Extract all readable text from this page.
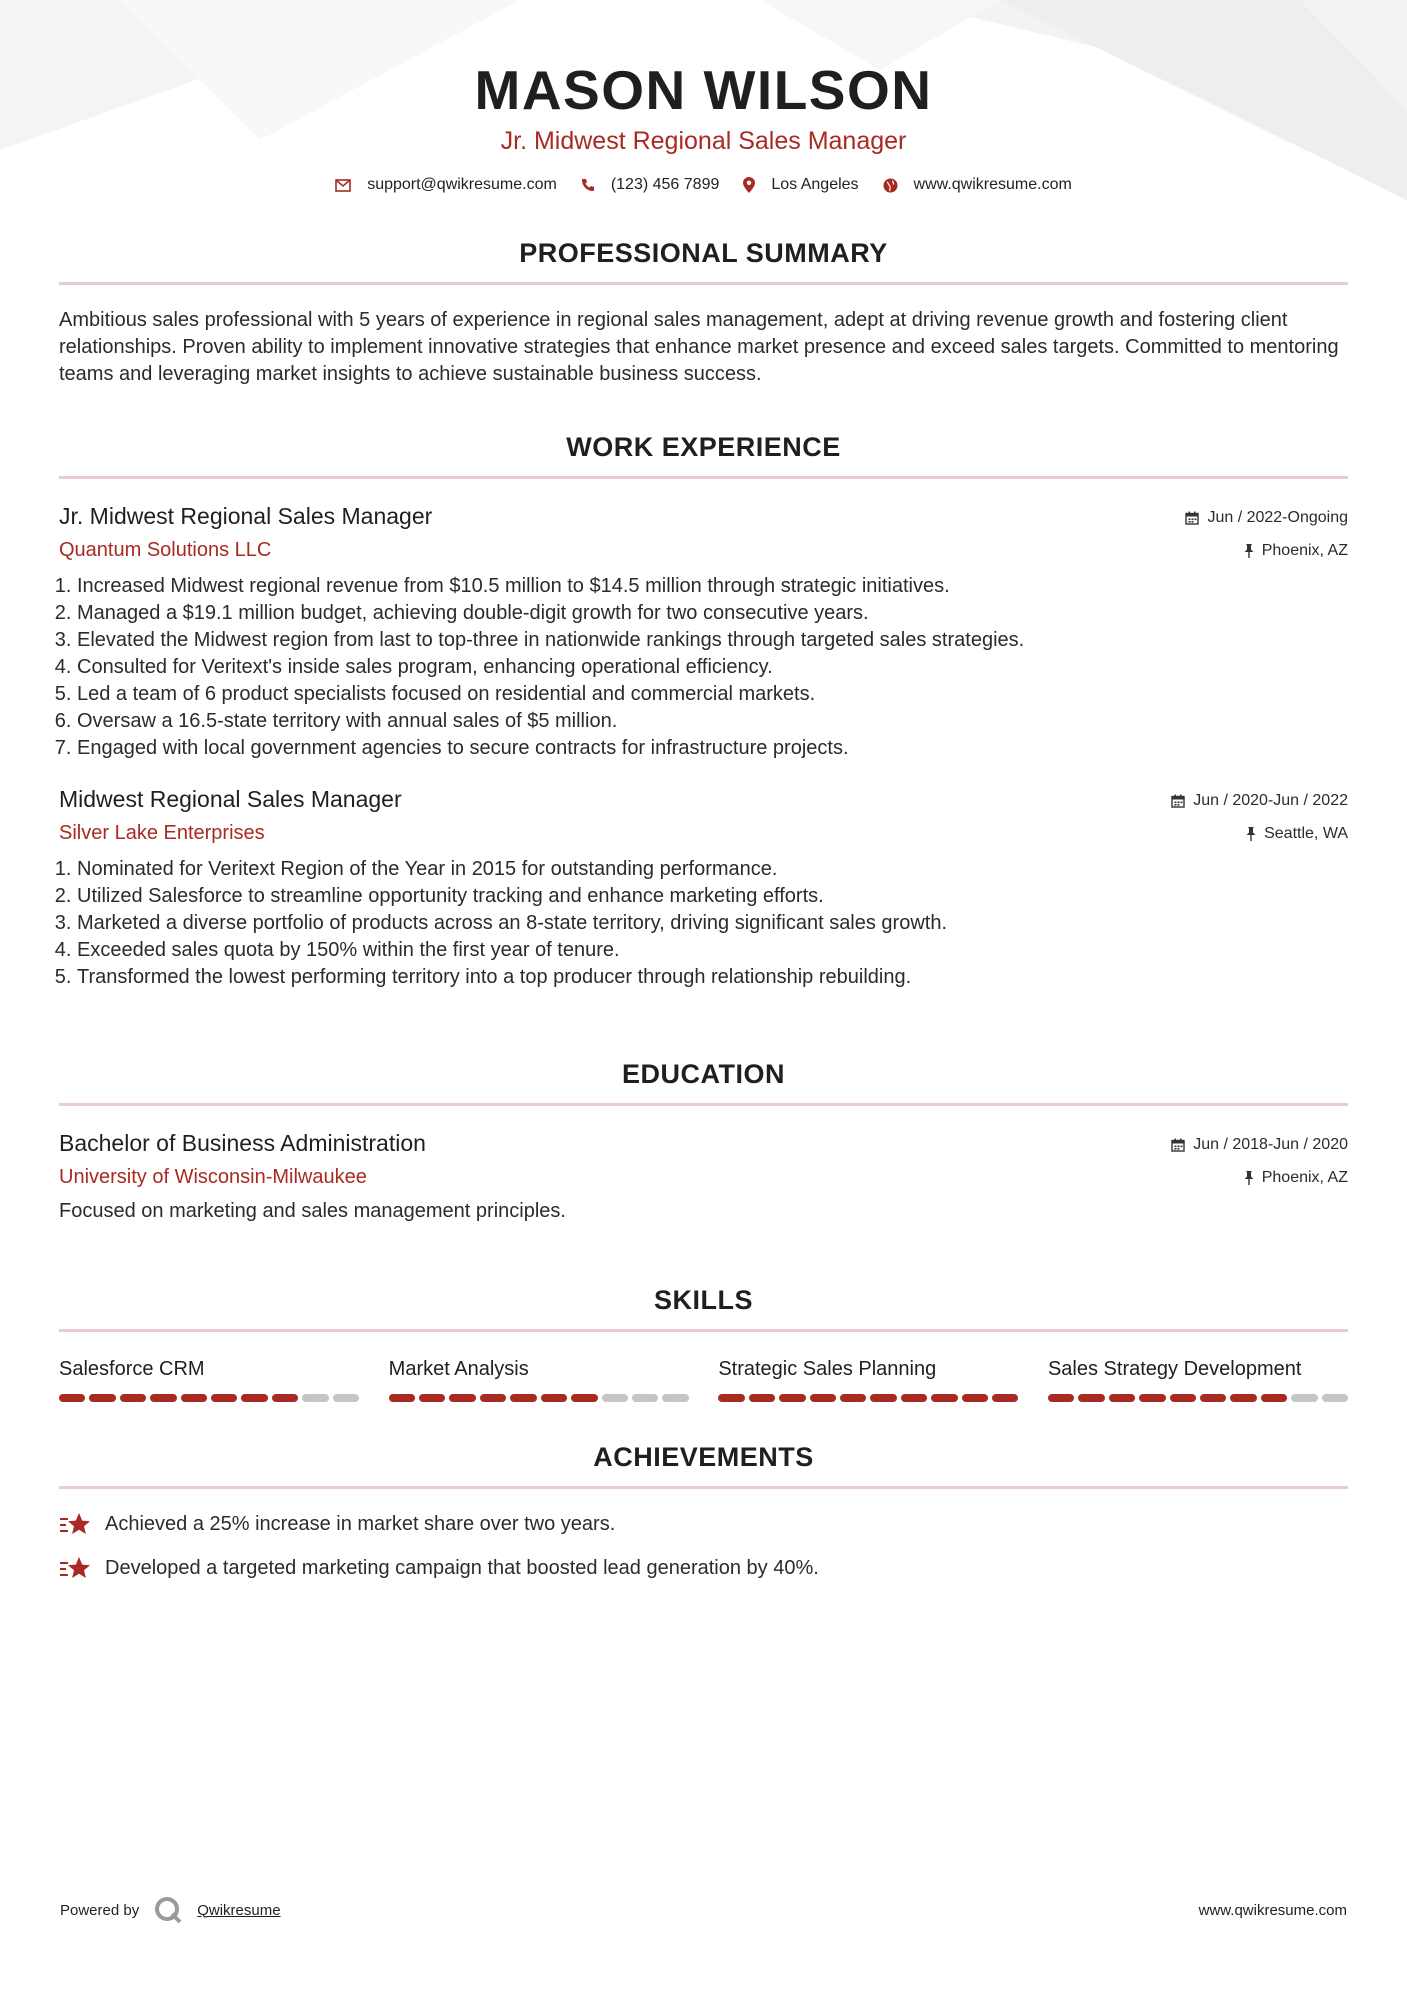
MASON WILSON
Jr. Midwest Regional Sales Manager
support@qwikresume.com	(123) 456 7899	Los Angeles	www.qwikresume.com
PROFESSIONAL SUMMARY
Ambitious sales professional with 5 years of experience in regional sales management, adept at driving revenue growth and fostering client relationships. Proven ability to implement innovative strategies that enhance market presence and exceed sales targets. Committed to mentoring teams and leveraging market insights to achieve sustainable business success.
WORK EXPERIENCE
Jr. Midwest Regional Sales Manager
Quantum Solutions LLC
Jun / 2022-Ongoing
Phoenix, AZ
1. Increased Midwest regional revenue from $10.5 million to $14.5 million through strategic initiatives.
2. Managed a $19.1 million budget, achieving double-digit growth for two consecutive years.
3. Elevated the Midwest region from last to top-three in nationwide rankings through targeted sales strategies.
4. Consulted for Veritext's inside sales program, enhancing operational efficiency.
5. Led a team of 6 product specialists focused on residential and commercial markets.
6. Oversaw a 16.5-state territory with annual sales of $5 million.
7. Engaged with local government agencies to secure contracts for infrastructure projects.
Midwest Regional Sales Manager
Silver Lake Enterprises
Jun / 2020-Jun / 2022
Seattle, WA
1. Nominated for Veritext Region of the Year in 2015 for outstanding performance.
2. Utilized Salesforce to streamline opportunity tracking and enhance marketing efforts.
3. Marketed a diverse portfolio of products across an 8-state territory, driving significant sales growth.
4. Exceeded sales quota by 150% within the first year of tenure.
5. Transformed the lowest performing territory into a top producer through relationship rebuilding.
EDUCATION
Bachelor of Business Administration
University of Wisconsin-Milwaukee
Jun / 2018-Jun / 2020
Phoenix, AZ
Focused on marketing and sales management principles.
SKILLS
Salesforce CRM	Market Analysis	Strategic Sales Planning	Sales Strategy Development
ACHIEVEMENTS
Achieved a 25% increase in market share over two years.
Developed a targeted marketing campaign that boosted lead generation by 40%.
Powered by	Qwikresume	www.qwikresume.com
